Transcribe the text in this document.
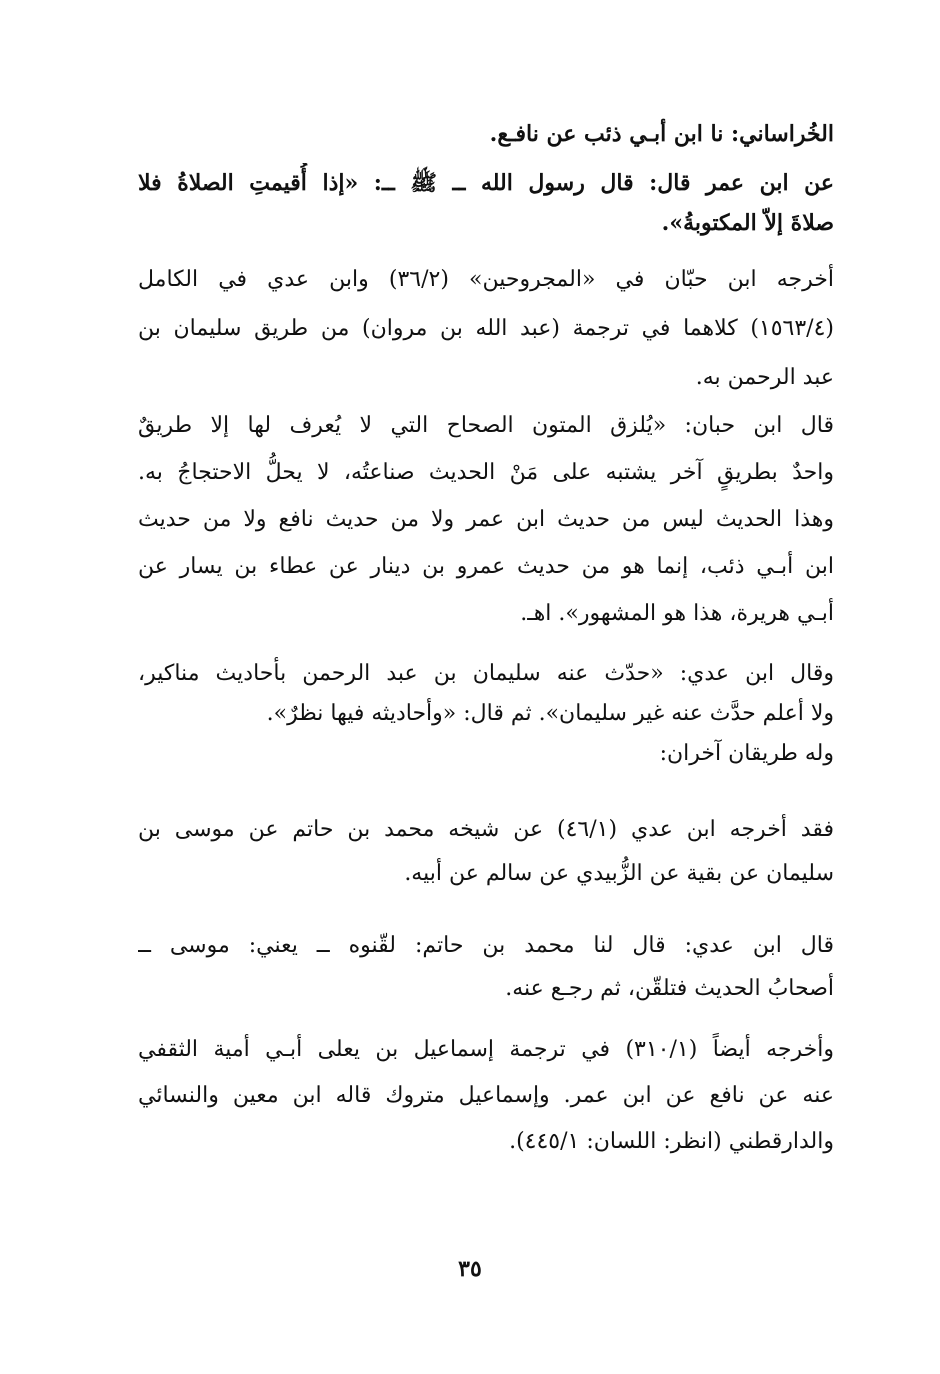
الخُراساني: نا ابن أبـي ذئب عن نافـع.
عن ابن عمر قال: قال رسول الله ــ ﷺ ــ: «إذا أُقيمتِ الصلاةُ فلا
صلاةَ إلاّ المكتوبةُ».
أخرجه ابن حبّان في «المجروحين» (٣٦/٢) وابن عدي في الكامل
(١٥٦٣/٤) كلاهما في ترجمة (عبد الله بن مروان) من طريق سليمان بن
عبد الرحمن به.
قال ابن حبان: «يُلزق المتون الصحاح التي لا يُعرف لها إلا طريقٌ
واحدٌ بطريقٍ آخر يشتبه على مَنْ الحديث صناعتُه، لا يحلُّ الاحتجاجُ به.
وهذا الحديث ليس من حديث ابن عمر ولا من حديث نافع ولا من حديث
ابن أبـي ذئب، إنما هو من حديث عمرو بن دينار عن عطاء بن يسار عن
أبـي هريرة، هذا هو المشهور». اهـ.
وقال ابن عدي: «حدّث عنه سليمان بن عبد الرحمن بأحاديث مناكير،
ولا أعلم حدَّث عنه غير سليمان». ثم قال: «وأحاديثه فيها نظرٌ».
وله طريقان آخران:
فقد أخرجه ابن عدي (٤٦/١) عن شيخه محمد بن حاتم عن موسى بن
سليمان عن بقية عن الزُّبيدي عن سالم عن أبيه.
قال ابن عدي: قال لنا محمد بن حاتم: لقّنوه ــ يعني: موسى ــ
أصحابُ الحديث فتلقّن، ثم رجـع عنه.
وأخرجه أيضاً (٣١٠/١) في ترجمة إسماعيل بن يعلى أبـي أمية الثقفي
عنه عن نافع عن ابن عمر. وإسماعيل متروك قاله ابن معين والنسائي
والدارقطني (انظر: اللسان: ٤٤٥/١).
٣٥
